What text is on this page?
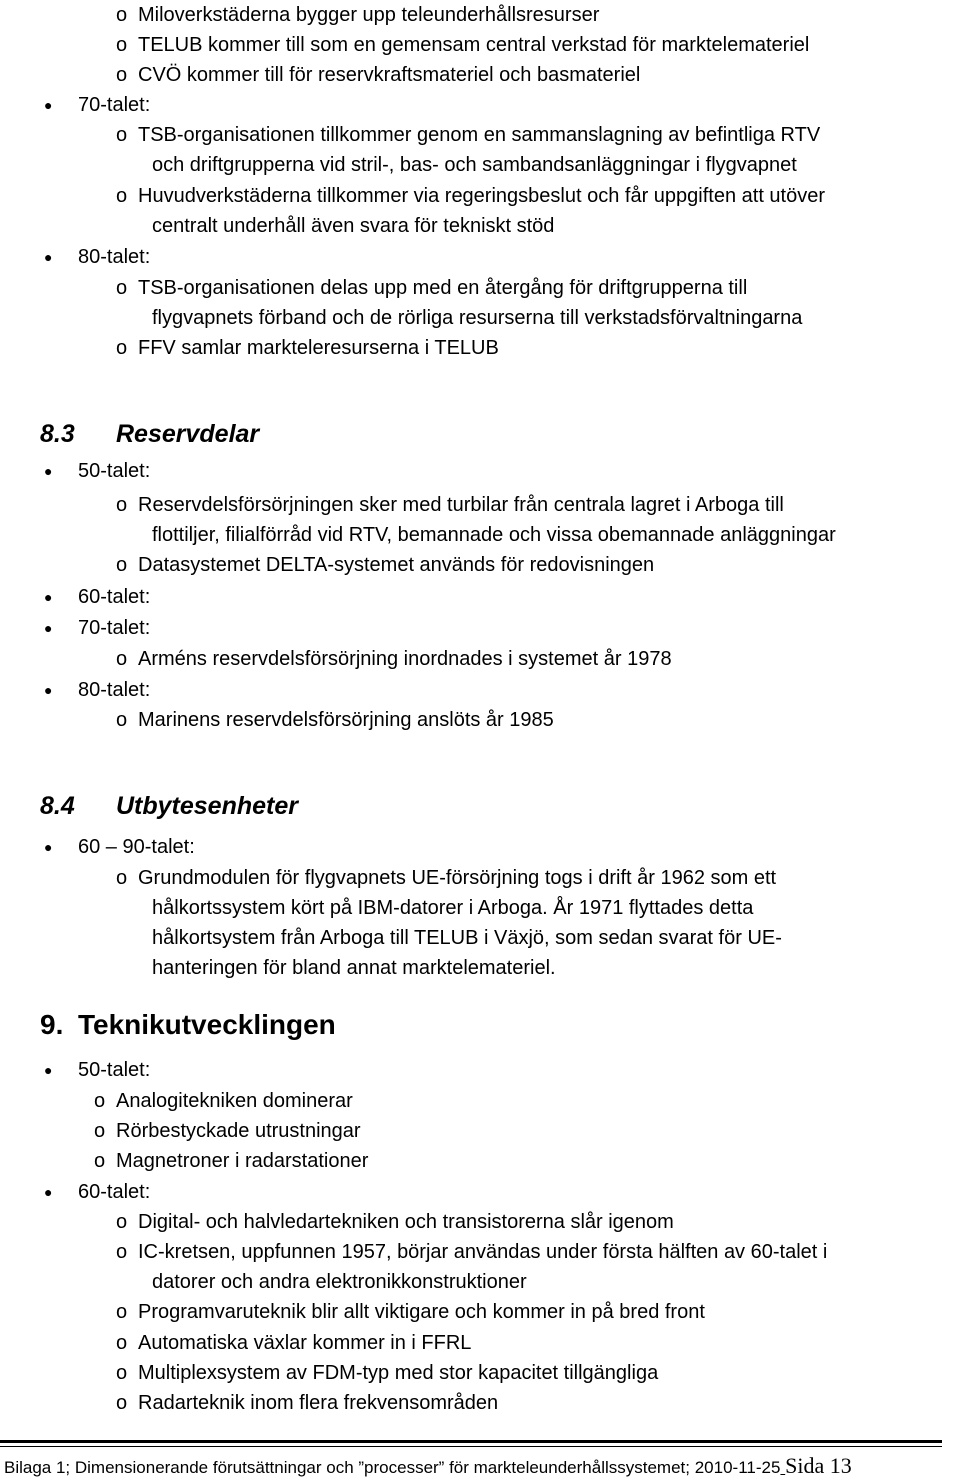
o Miloverkstäderna bygger upp teleunderhållsresurser
o TELUB kommer till som en gemensam central verkstad för marktelemateriel
o CVÖ kommer till för reservkraftsmateriel och basmateriel
● 70-talet:
o TSB-organisationen tillkommer genom en sammanslagning av befintliga RTV
och driftgrupperna vid stril-, bas- och sambandsanläggningar i flygvapnet
o Huvudverkstäderna tillkommer via regeringsbeslut och får uppgiften att utöver
centralt underhåll även svara för tekniskt stöd
● 80-talet:
o TSB-organisationen delas upp med en återgång för driftgrupperna till
flygvapnets förband och de rörliga resurserna till verkstadsförvaltningarna
o FFV samlar markteleresurserna i TELUB
● 50-talet:
o Reservdelsförsörjningen sker med turbilar från centrala lagret i Arboga till
flottiljer, filialförråd vid RTV, bemannade och vissa obemannade anläggningar
o Datasystemet DELTA-systemet används för redovisningen
● 60-talet:
● 70-talet:
o Arméns reservdelsförsörjning inordnades i systemet år 1978
● 80-talet:
o Marinens reservdelsförsörjning anslöts år 1985
● 60 – 90-talet:
o Grundmodulen för flygvapnets UE-försörjning togs i drift år 1962 som ett
hålkortssystem kört på IBM-datorer i Arboga. År 1971 flyttades detta
hålkortsystem från Arboga till TELUB i Växjö, som sedan svarat för UE-
hanteringen för bland annat marktelemateriel.
● 50-talet:
o Analogitekniken dominerar
o Rörbestyckade utrustningar
o Magnetroner i radarstationer
● 60-talet:
o Digital- och halvledartekniken och transistorerna slår igenom
o IC-kretsen, uppfunnen 1957, börjar användas under första hälften av 60-talet i
datorer och andra elektronikkonstruktioner
o Programvaruteknik blir allt viktigare och kommer in på bred front
o Automatiska växlar kommer in i FFRL
o Multiplexsystem av FDM-typ med stor kapacitet tillgängliga
o Radarteknik inom flera frekvensområden
8.3 Reservdelar
8.4 Utbytesenheter
9. Teknikutvecklingen
Bilaga 1; Dimensionerande förutsättningar och ”processer” för markteleunderhållssystemet; 2010-11-25 Sida 13
